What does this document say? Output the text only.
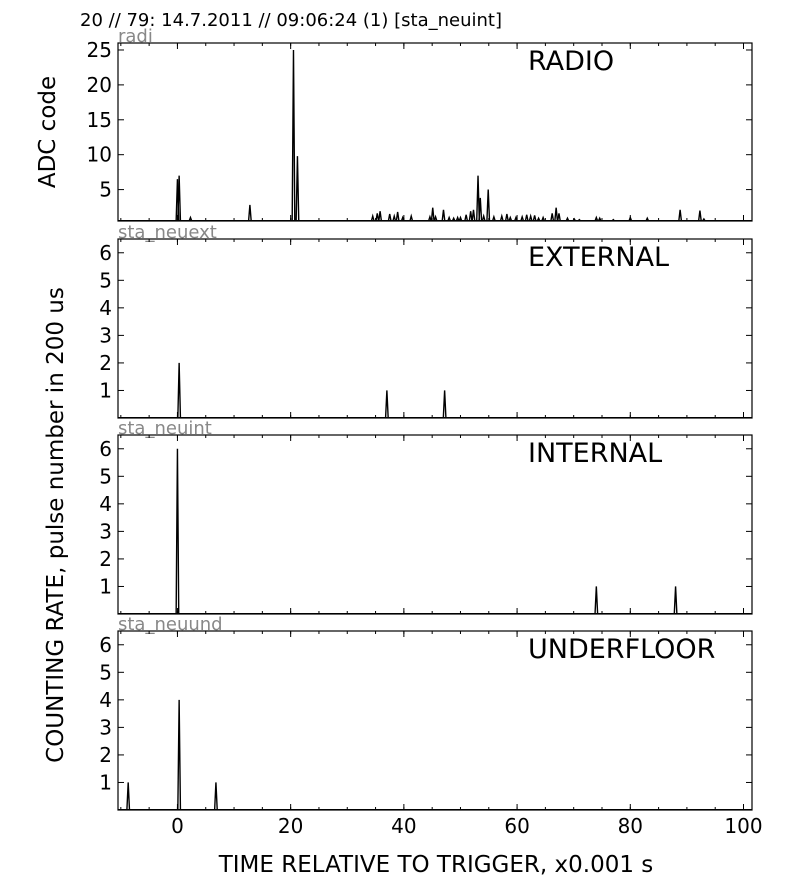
20 // 79: 14.7.2011 // 09:06:24 (1) [sta_neuint]
ADC code
COUNTING RATE, pulse number in 200 us
TIME RELATIVE TO TRIGGER, x0.001 s
radi
5
10
15
20
25	RADIO
sta_neuext
1
2
3
4
5
6	EXTERNAL
sta_neuint
1
2
3
4
5
6	INTERNAL
sta_neuund
1
2
3
4
5
6	UNDERFLOOR
0	20	40	60	80	100
